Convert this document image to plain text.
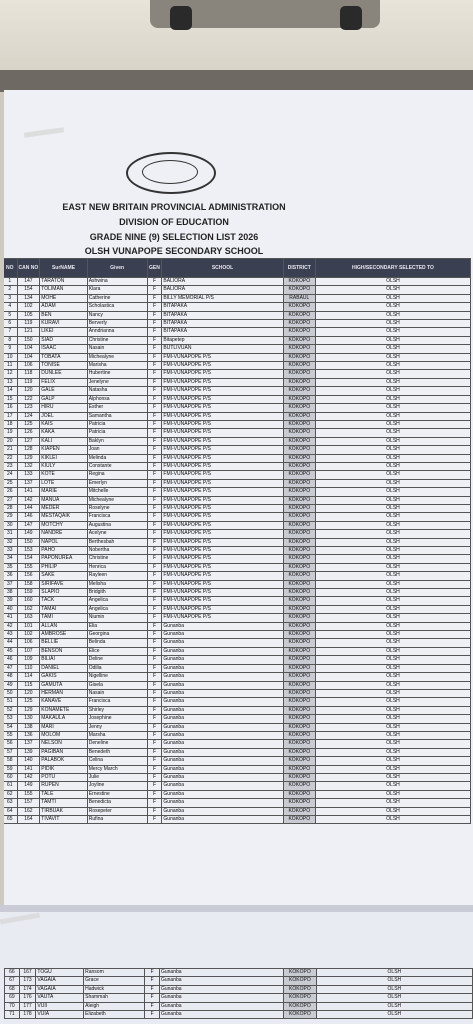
EAST NEW BRITAIN PROVINCIAL ADMINISTRATION
DIVISION OF EDUCATION
GRADE NINE (9) SELECTION LIST 2026
OLSH VUNAPOPE SECONDARY SCHOOL
NO	CAN NO	SurNAME	Given	GEN	SCHOOL	DISTRICT	HIGH/SECONDARY SELECTED TO
1	147	TARATON	Ashwina	F	BALIORA	KOKOPO	OLSH
2	154	TOLIMAN	Klara	F	BALIORA	KOKOPO	OLSH
3	134	MOHE	Catherine	F	BILLY MEMORIAL P/S	RABAUL	OLSH
4	102	ADAM	Scholastica	F	BITAPAKA	KOKOPO	OLSH
5	105	BEN	Nancy	F	BITAPAKA	KOKOPO	OLSH
6	119	KURAVI	Berverly	F	BITAPAKA	KOKOPO	OLSH
7	121	LIKEI	Anndrianna	F	BITAPAKA	KOKOPO	OLSH
8	150	SIAD	Christine	F	Bitapetep	KOKOPO	OLSH
9	104	ISAAC	Nasain	F	BUTLIVUAN	KOKOPO	OLSH
10	104	TOBATA	Michealyne	F	FMI-VUNAPOPE P/S	KOKOPO	OLSH
11	106	TONISE	Marisha	F	FMI-VUNAPOPE P/S	KOKOPO	OLSH
12	118	DUNLEE	Hubertine	F	FMI-VUNAPOPE P/S	KOKOPO	OLSH
13	119	FELIX	Jenelyne	F	FMI-VUNAPOPE P/S	KOKOPO	OLSH
14	120	GALE	Natasha	F	FMI-VUNAPOPE P/S	KOKOPO	OLSH
15	122	GALP	Alphonsa	F	FMI-VUNAPOPE P/S	KOKOPO	OLSH
16	123	HIRU	Esther	F	FMI-VUNAPOPE P/S	KOKOPO	OLSH
17	124	JOEL	Samantha	F	FMI-VUNAPOPE P/S	KOKOPO	OLSH
18	125	KAIS	Patricia	F	FMI-VUNAPOPE P/S	KOKOPO	OLSH
19	126	KAKA	Patricia	F	FMI-VUNAPOPE P/S	KOKOPO	OLSH
20	127	KALI	Baklyn	F	FMI-VUNAPOPE P/S	KOKOPO	OLSH
21	128	KIAPEN	Joan	F	FMI-VUNAPOPE P/S	KOKOPO	OLSH
22	129	KIKLEI	Melinda	F	FMI-VUNAPOPE P/S	KOKOPO	OLSH
23	132	KIULY	Constante	F	FMI-VUNAPOPE P/S	KOKOPO	OLSH
24	133	KOTE	Regina	F	FMI-VUNAPOPE P/S	KOKOPO	OLSH
25	137	LOTE	Emerlyn	F	FMI-VUNAPOPE P/S	KOKOPO	OLSH
26	141	MARIE	Mitchelle	F	FMI-VUNAPOPE P/S	KOKOPO	OLSH
27	142	MANUA	Michealyne	F	FMI-VUNAPOPE P/S	KOKOPO	OLSH
28	144	MEDER	Roselyne	F	FMI-VUNAPOPE P/S	KOKOPO	OLSH
29	146	MESTAQAIK	Francisca	F	FMI-VUNAPOPE P/S	KOKOPO	OLSH
30	147	MOTCHY	Augustina	F	FMI-VUNAPOPE P/S	KOKOPO	OLSH
31	149	NANDRE	Acelyne	F	FMI-VUNAPOPE P/S	KOKOPO	OLSH
32	150	NAPOL	Berthesbah	F	FMI-VUNAPOPE P/S	KOKOPO	OLSH
33	153	PAHO	Nobertha	F	FMI-VUNAPOPE P/S	KOKOPO	OLSH
34	154	PAPONUREA	Christine	F	FMI-VUNAPOPE P/S	KOKOPO	OLSH
35	155	PHILIP	Henrica	F	FMI-VUNAPOPE P/S	KOKOPO	OLSH
36	156	SAKE	Rayleen	F	FMI-VUNAPOPE P/S	KOKOPO	OLSH
37	158	SIRIFAVE	Melisha	F	FMI-VUNAPOPE P/S	KOKOPO	OLSH
38	159	SLAPIO	Bridgith	F	FMI-VUNAPOPE P/S	KOKOPO	OLSH
39	160	TACK	Angelica	F	FMI-VUNAPOPE P/S	KOKOPO	OLSH
40	162	TAMAI	Angelica	F	FMI-VUNAPOPE P/S	KOKOPO	OLSH
41	163	TAMI	Niumin	F	FMI-VUNAPOPE P/S	KOKOPO	OLSH
42	101	ALLAN	Elia	F	Gunanba	KOKOPO	OLSH
43	102	AMBROSE	Georgina	F	Gunanba	KOKOPO	OLSH
44	106	BELLIE	Belinda	F	Gunanba	KOKOPO	OLSH
45	107	BENSON	Elice	F	Gunanba	KOKOPO	OLSH
46	109	BILIAI	Deline	F	Gunanba	KOKOPO	OLSH
47	110	DANIEL	Odilia	F	Gunanba	KOKOPO	OLSH
48	114	GAKIS	Nigelline	F	Gunanba	KOKOPO	OLSH
49	115	GAMUTA	Gisela	F	Gunanba	KOKOPO	OLSH
50	120	HERMAN	Nasain	F	Gunanba	KOKOPO	OLSH
51	125	KANAVE	Francisca	F	Gunanba	KOKOPO	OLSH
52	129	KONAMETE	Shirley	F	Gunanba	KOKOPO	OLSH
53	130	MAKAULA	Josephine	F	Gunanba	KOKOPO	OLSH
54	138	MARI	Jenny	F	Gunanba	KOKOPO	OLSH
55	136	MOLOM	Marsha	F	Gunanba	KOKOPO	OLSH
56	137	NELSON	Deneline	F	Gunanba	KOKOPO	OLSH
57	139	PAGIBAN	Benedeth	F	Gunanba	KOKOPO	OLSH
58	140	PALABOK	Celina	F	Gunanba	KOKOPO	OLSH
59	141	PIDIK	Mercy March	F	Gunanba	KOKOPO	OLSH
60	142	POTU	Julie	F	Gunanba	KOKOPO	OLSH
61	149	RUPEN	Joyline	F	Gunanba	KOKOPO	OLSH
62	155	TALE	Ernestine	F	Gunanba	KOKOPO	OLSH
63	157	TAMTI	Benedicta	F	Gunanba	KOKOPO	OLSH
64	162	TIRBUAK	Rosepeter	F	Gunanba	KOKOPO	OLSH
65	164	TIVAVIT	Rufina	F	Gunanba	KOKOPO	OLSH
66	167	TOGU	Ransom	F	Gunanba	KOKOPO	OLSH
67	173	VAGAIA	Grace	F	Gunanba	KOKOPO	OLSH
68	174	VAGAIA	Hadwick	F	Gunanba	KOKOPO	OLSH
69	176	VAUTA	Shammah	F	Gunanba	KOKOPO	OLSH
70	177	VUII	Aleigh	F	Gunanba	KOKOPO	OLSH
71	178	VUIA	Elizabeth	F	Gunanba	KOKOPO	OLSH
